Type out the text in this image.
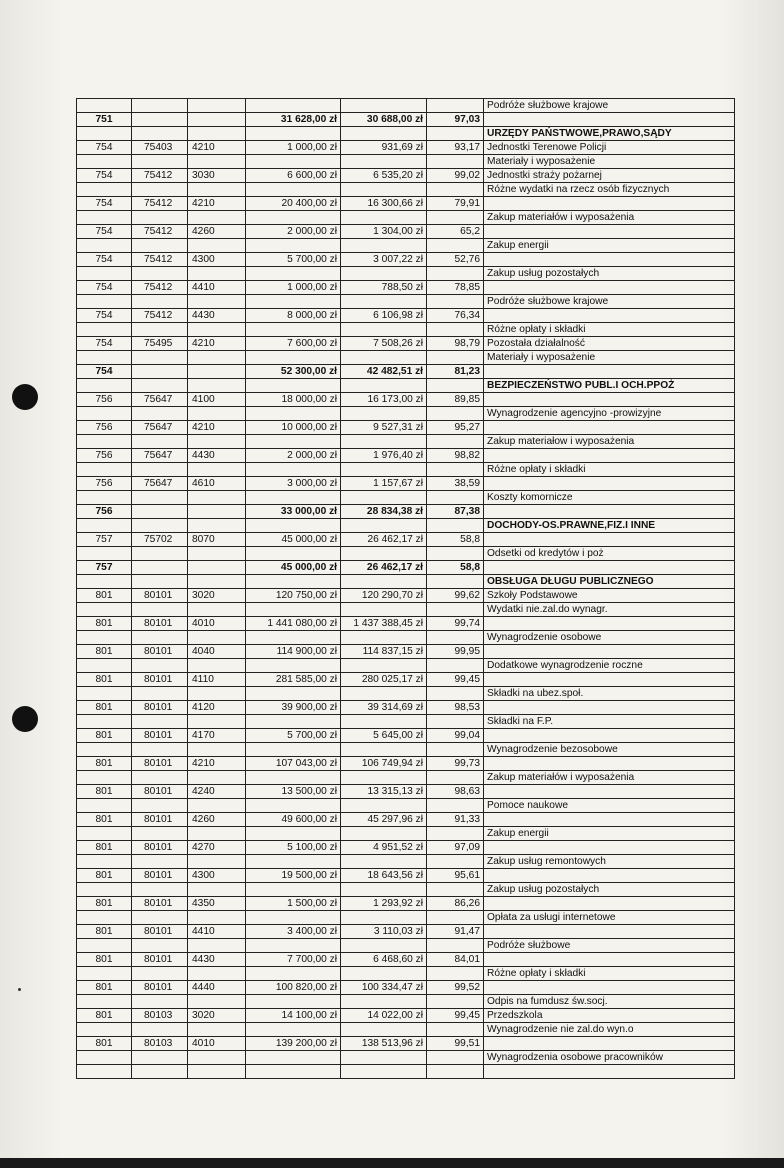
						Podróże służbowe krajowe
751			31 628,00 zł	30 688,00 zł	97,03	
						URZĘDY PAŃSTWOWE,PRAWO,SĄDY
754	75403	4210	1 000,00 zł	931,69 zł	93,17	Jednostki Terenowe Policji
						Materiały i wyposażenie
754	75412	3030	6 600,00 zł	6 535,20 zł	99,02	Jednostki straży pożarnej
						Różne wydatki na rzecz osób fizycznych
754	75412	4210	20 400,00 zł	16 300,66 zł	79,91	
						Zakup materiałów i wyposażenia
754	75412	4260	2 000,00 zł	1 304,00 zł	65,2	
						Zakup energii
754	75412	4300	5 700,00 zł	3 007,22 zł	52,76	
						Zakup usług pozostałych
754	75412	4410	1 000,00 zł	788,50 zł	78,85	
						Podróże służbowe krajowe
754	75412	4430	8 000,00 zł	6 106,98 zł	76,34	
						Różne opłaty i składki
754	75495	4210	7 600,00 zł	7 508,26 zł	98,79	Pozostała działalność
						Materiały i wyposażenie
754			52 300,00 zł	42 482,51 zł	81,23	
						BEZPIECZEŃSTWO PUBL.I OCH.PPOŻ
756	75647	4100	18 000,00 zł	16 173,00 zł	89,85	
						Wynagrodzenie agencyjno -prowizyjne
756	75647	4210	10 000,00 zł	9 527,31 zł	95,27	
						Zakup materiałow i wyposażenia
756	75647	4430	2 000,00 zł	1 976,40 zł	98,82	
						Różne opłaty i składki
756	75647	4610	3 000,00 zł	1 157,67 zł	38,59	
						Koszty komornicze
756			33 000,00 zł	28 834,38 zł	87,38	
						DOCHODY-OS.PRAWNE,FIZ.I INNE
757	75702	8070	45 000,00 zł	26 462,17 zł	58,8	
						Odsetki od kredytów i poż
757			45 000,00 zł	26 462,17 zł	58,8	
						OBSŁUGA DŁUGU PUBLICZNEGO
801	80101	3020	120 750,00 zł	120 290,70 zł	99,62	Szkoły Podstawowe
						Wydatki nie.zal.do wynagr.
801	80101	4010	1 441 080,00 zł	1 437 388,45 zł	99,74	
						Wynagrodzenie osobowe
801	80101	4040	114 900,00 zł	114 837,15 zł	99,95	
						Dodatkowe wynagrodzenie roczne
801	80101	4110	281 585,00 zł	280 025,17 zł	99,45	
						Składki na ubez.społ.
801	80101	4120	39 900,00 zł	39 314,69 zł	98,53	
						Składki na F.P.
801	80101	4170	5 700,00 zł	5 645,00 zł	99,04	
						Wynagrodzenie bezosobowe
801	80101	4210	107 043,00 zł	106 749,94 zł	99,73	
						Zakup materiałów i wyposażenia
801	80101	4240	13 500,00 zł	13 315,13 zł	98,63	
						Pomoce naukowe
801	80101	4260	49 600,00 zł	45 297,96 zł	91,33	
						Zakup energii
801	80101	4270	5 100,00 zł	4 951,52 zł	97,09	
						Zakup usług remontowych
801	80101	4300	19 500,00 zł	18 643,56 zł	95,61	
						Zakup usług pozostałych
801	80101	4350	1 500,00 zł	1 293,92 zł	86,26	
						Opłata za usługi internetowe
801	80101	4410	3 400,00 zł	3 110,03 zł	91,47	
						Podróże służbowe
801	80101	4430	7 700,00 zł	6 468,60 zł	84,01	
						Różne opłaty i składki
801	80101	4440	100 820,00 zł	100 334,47 zł	99,52	
						Odpis na fumdusz św.socj.
801	80103	3020	14 100,00 zł	14 022,00 zł	99,45	Przedszkola
						Wynagrodzenie nie zal.do wyn.o
801	80103	4010	139 200,00 zł	138 513,96 zł	99,51	
						Wynagrodzenia osobowe pracowników
